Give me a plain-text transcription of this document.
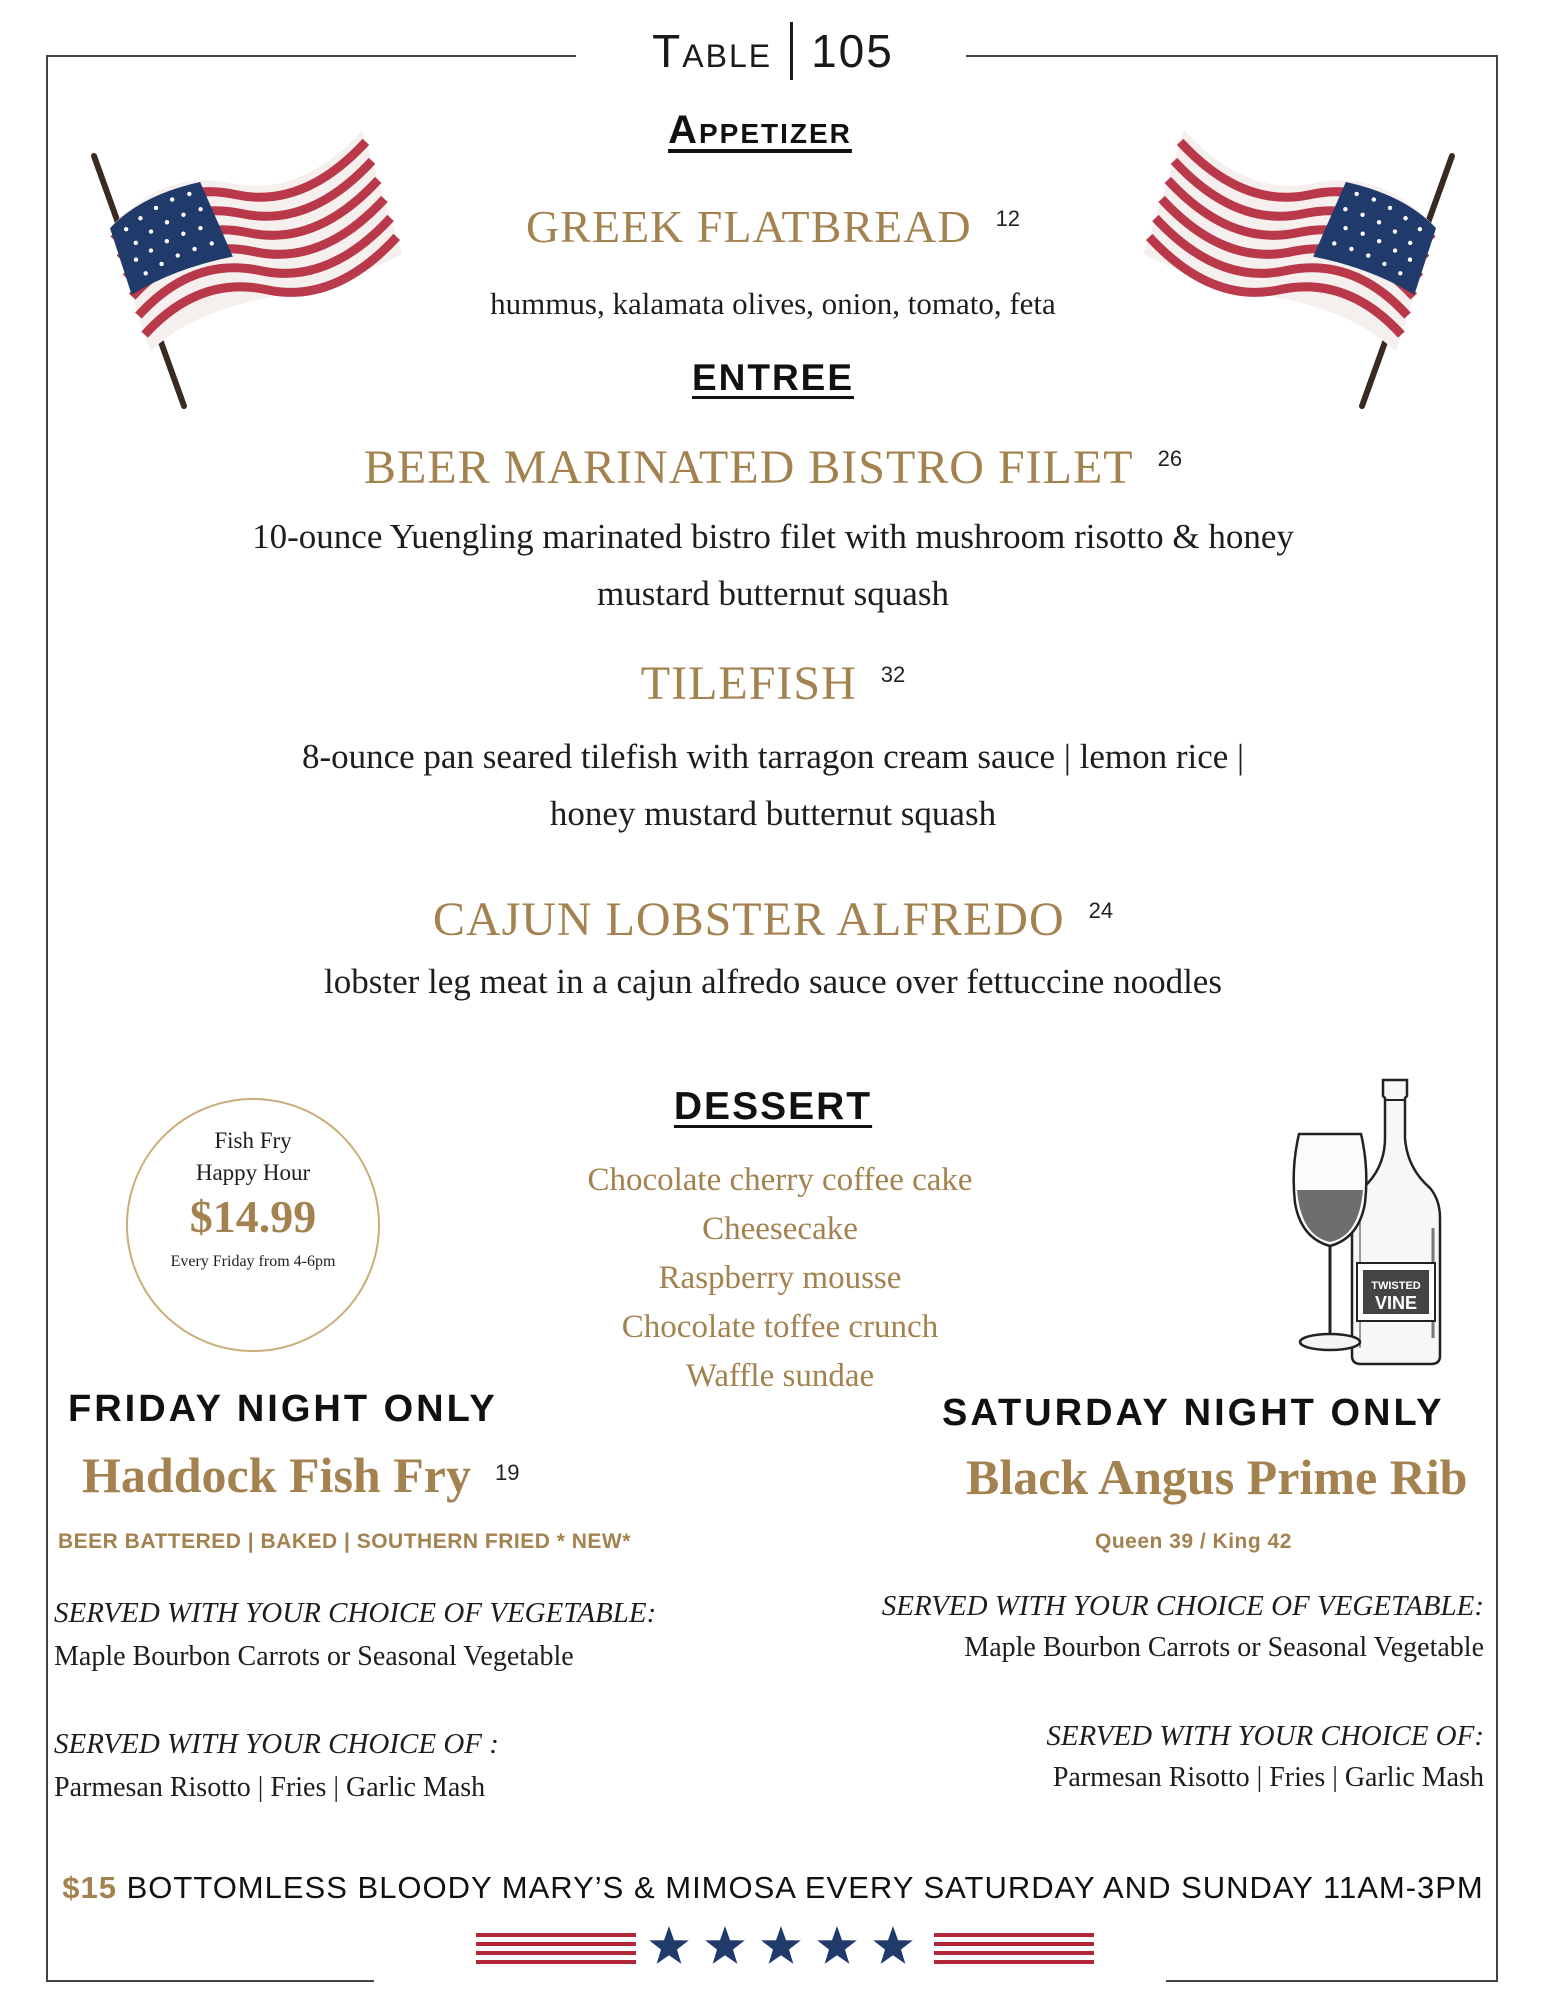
Table 105
Appetizer
GREEK FLATBREAD 12
hummus, kalamata olives, onion, tomato, feta
ENTREE
BEER MARINATED BISTRO FILET 26
10-ounce Yuengling marinated bistro filet with mushroom risotto & honey
mustard butternut squash
TILEFISH 32
8-ounce pan seared tilefish with tarragon cream sauce | lemon rice |
honey mustard butternut squash
CAJUN LOBSTER ALFREDO 24
lobster leg meat in a cajun alfredo sauce over fettuccine noodles
DESSERT
Chocolate cherry coffee cake
Cheesecake
Raspberry mousse
Chocolate toffee crunch
Waffle sundae
Fish Fry
Happy Hour
$14.99
Every Friday from 4-6pm
TWISTED
VINE
FRIDAY NIGHT ONLY
Haddock Fish Fry 19
BEER BATTERED | BAKED | SOUTHERN FRIED * NEW*
SERVED WITH YOUR CHOICE OF VEGETABLE:
Maple Bourbon Carrots or Seasonal Vegetable
SERVED WITH YOUR CHOICE OF :
Parmesan Risotto | Fries | Garlic Mash
SATURDAY NIGHT ONLY
Black Angus Prime Rib
Queen 39 / King 42
SERVED WITH YOUR CHOICE OF VEGETABLE:
Maple Bourbon Carrots or Seasonal Vegetable
SERVED WITH YOUR CHOICE OF:
Parmesan Risotto | Fries | Garlic Mash
$15 BOTTOMLESS BLOODY MARY’S & MIMOSA EVERY SATURDAY AND SUNDAY 11AM-3PM
